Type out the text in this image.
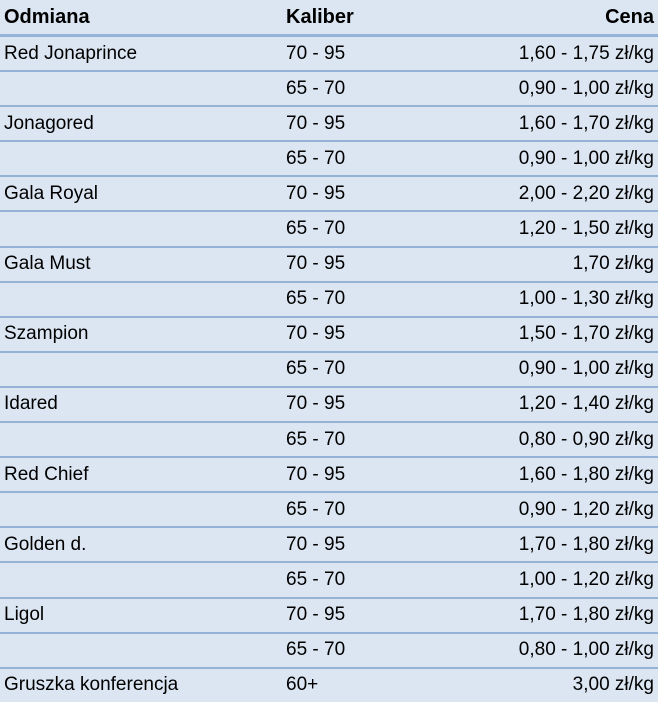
Odmiana	Kaliber	Cena
Red Jonaprince	70 - 95	1,60 - 1,75 zł/kg
	65 - 70	0,90 - 1,00 zł/kg
Jonagored	70 - 95	1,60 - 1,70 zł/kg
	65 - 70	0,90 - 1,00 zł/kg
Gala Royal	70 - 95	2,00 - 2,20 zł/kg
	65 - 70	1,20 - 1,50 zł/kg
Gala Must	70 - 95	1,70 zł/kg
	65 - 70	1,00 - 1,30 zł/kg
Szampion	70 - 95	1,50 - 1,70 zł/kg
	65 - 70	0,90 - 1,00 zł/kg
Idared	70 - 95	1,20 - 1,40 zł/kg
	65 - 70	0,80 - 0,90 zł/kg
Red Chief	70 - 95	1,60 - 1,80 zł/kg
	65 - 70	0,90 - 1,20 zł/kg
Golden d.	70 - 95	1,70 - 1,80 zł/kg
	65 - 70	1,00 - 1,20 zł/kg
Ligol	70 - 95	1,70 - 1,80 zł/kg
	65 - 70	0,80 - 1,00 zł/kg
Gruszka konferencja	60+	3,00 zł/kg
